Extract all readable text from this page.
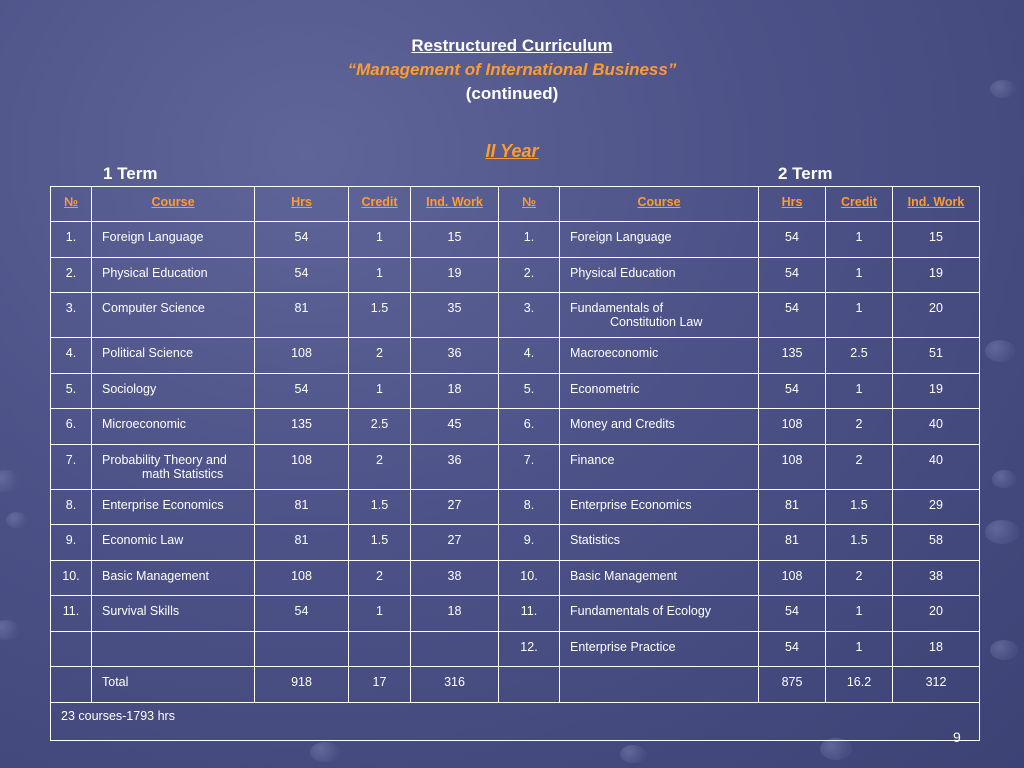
Restructured Curriculum
“Management of International Business”
(continued)
II Year
1 Term	2 Term
№	Course	Hrs	Credit	Ind. Work	№	Course	Hrs	Credit	Ind. Work
1.	Foreign Language	54	1	15	1.	Foreign Language	54	1	15
2.	Physical Education	54	1	19	2.	Physical Education	54	1	19
3.	Computer Science	81	1.5	35	3.	Fundamentals of
Constitution Law	54	1	20
4.	Political Science	108	2	36	4.	Macroeconomic	135	2.5	51
5.	Sociology	54	1	18	5.	Econometric	54	1	19
6.	Microeconomic	135	2.5	45	6.	Money and Credits	108	2	40
7.	Probability Theory and
math Statistics	108	2	36	7.	Finance	108	2	40
8.	Enterprise Economics	81	1.5	27	8.	Enterprise Economics	81	1.5	29
9.	Economic Law	81	1.5	27	9.	Statistics	81	1.5	58
10.	Basic Management	108	2	38	10.	Basic Management	108	2	38
11.	Survival Skills	54	1	18	11.	Fundamentals of Ecology	54	1	20
					12.	Enterprise Practice	54	1	18
	Total	918	17	316			875	16.2	312
23 courses-1793 hrs									
9
